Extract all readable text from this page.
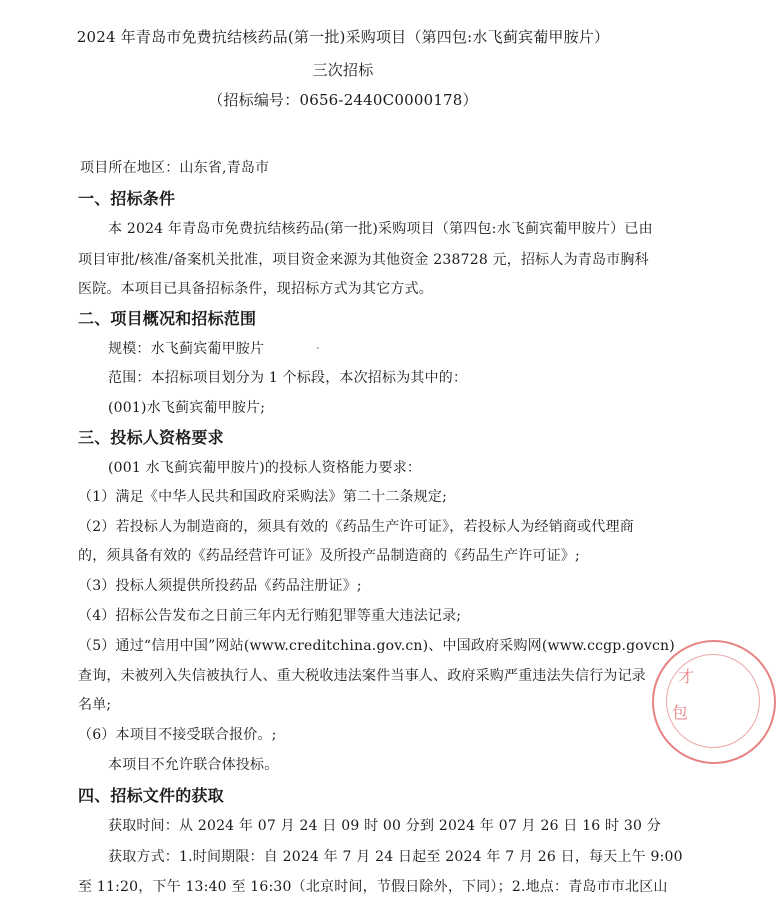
2024 年青岛市免费抗结核药品(第一批)采购项目（第四包:水飞蓟宾葡甲胺片）
三次招标
（招标编号：0656-2440C0000178）
项目所在地区：山东省,青岛市
一、招标条件
本 2024 年青岛市免费抗结核药品(第一批)采购项目（第四包:水飞蓟宾葡甲胺片）已由
项目审批/核准/备案机关批准，项目资金来源为其他资金 238728 元，招标人为青岛市胸科
医院。本项目已具备招标条件，现招标方式为其它方式。
二、项目概况和招标范围
规模：水飞蓟宾葡甲胺片
范围：本招标项目划分为 1 个标段，本次招标为其中的：
(001)水飞蓟宾葡甲胺片;
三、投标人资格要求
(001 水飞蓟宾葡甲胺片)的投标人资格能力要求：
（1）满足《中华人民共和国政府采购法》第二十二条规定;
（2）若投标人为制造商的，须具有效的《药品生产许可证》，若投标人为经销商或代理商
的，须具备有效的《药品经营许可证》及所投产品制造商的《药品生产许可证》;
（3）投标人须提供所投药品《药品注册证》;
（4）招标公告发布之日前三年内无行贿犯罪等重大违法记录;
（5）通过“信用中国”网站(www.creditchina.gov.cn)、中国政府采购网(www.ccgp.govcn)
查询，未被列入失信被执行人、重大税收违法案件当事人、政府采购严重违法失信行为记录
名单;
（6）本项目不接受联合报价。;
本项目不允许联合体投标。
四、招标文件的获取
获取时间：从 2024 年 07 月 24 日 09 时 00 分到 2024 年 07 月 26 日 16 时 30 分
获取方式：1.时间期限：自 2024 年 7 月 24 日起至 2024 年 7 月 26 日，每天上午 9:00
至 11:20，下午 13:40 至 16:30（北京时间，节假日除外，下同）；2.地点：青岛市市北区山
才
包
